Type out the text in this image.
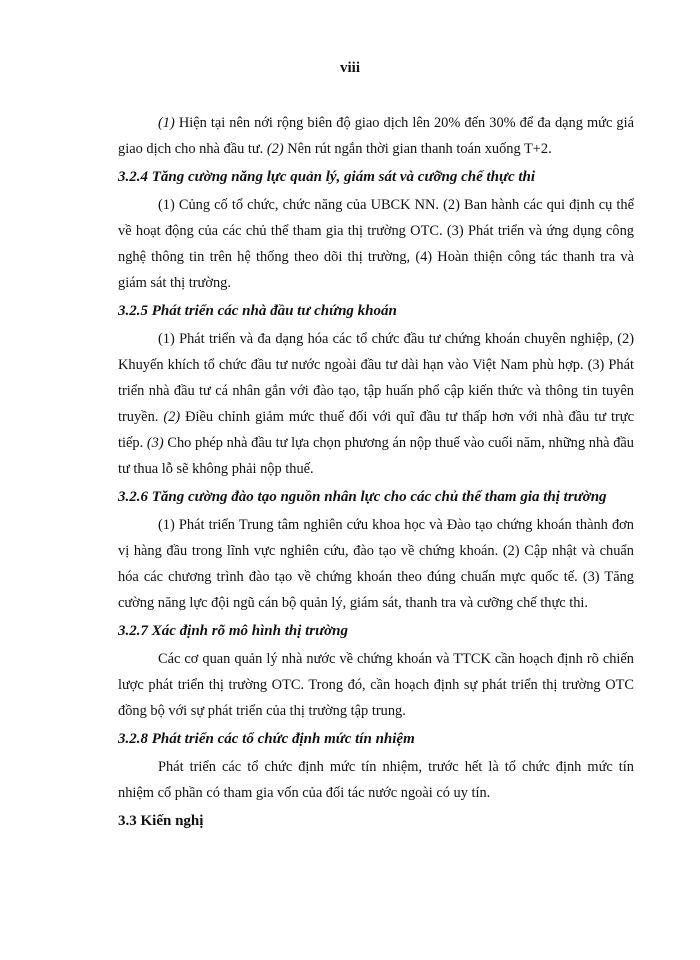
viii

(1) Hiện tại nên nới rộng biên độ giao dịch lên 20% đến 30% để đa dạng mức giá giao dịch cho nhà đầu tư. (2) Nên rút ngắn thời gian thanh toán xuống T+2.

3.2.4 Tăng cường năng lực quản lý, giám sát và cưỡng chế thực thi

(1) Củng cố tổ chức, chức năng của UBCK NN. (2) Ban hành các qui định cụ thể về hoạt động của các chủ thể tham gia thị trường OTC. (3) Phát triển và ứng dụng công nghệ thông tin trên hệ thống theo dõi thị trường, (4) Hoàn thiện công tác thanh tra và giám sát thị trường.

3.2.5 Phát triển các nhà đầu tư chứng khoán

(1) Phát triển và đa dạng hóa các tổ chức đầu tư chứng khoán chuyên nghiệp, (2) Khuyến khích tổ chức đầu tư nước ngoài đầu tư dài hạn vào Việt Nam phù hợp. (3) Phát triển nhà đầu tư cá nhân gắn với đào tạo, tập huấn phổ cập kiến thức và thông tin tuyên truyền. (2) Điều chỉnh giảm mức thuế đối với quĩ đầu tư thấp hơn với nhà đầu tư trực tiếp. (3) Cho phép nhà đầu tư lựa chọn phương án nộp thuế vào cuối năm, những nhà đầu tư thua lỗ sẽ không phải nộp thuế.

3.2.6 Tăng cường đào tạo nguồn nhân lực cho các chủ thể tham gia thị trường

(1) Phát triển Trung tâm nghiên cứu khoa học và Đào tạo chứng khoán thành đơn vị hàng đầu trong lĩnh vực nghiên cứu, đào tạo về chứng khoán. (2) Cập nhật và chuẩn hóa các chương trình đào tạo về chứng khoán theo đúng chuẩn mực quốc tế. (3) Tăng cường năng lực đội ngũ cán bộ quản lý, giám sát, thanh tra và cưỡng chế thực thi.

3.2.7 Xác định rõ mô hình thị trường

Các cơ quan quản lý nhà nước về chứng khoán và TTCK cần hoạch định rõ chiến lược phát triển thị trường OTC. Trong đó, cần hoạch định sự phát triển thị trường OTC đồng bộ với sự phát triển của thị trường tập trung.

3.2.8 Phát triển các tổ chức định mức tín nhiệm

Phát triển các tổ chức định mức tín nhiệm, trước hết là tổ chức định mức tín nhiệm cổ phần có tham gia vốn của đối tác nước ngoài có uy tín.

3.3 Kiến nghị
